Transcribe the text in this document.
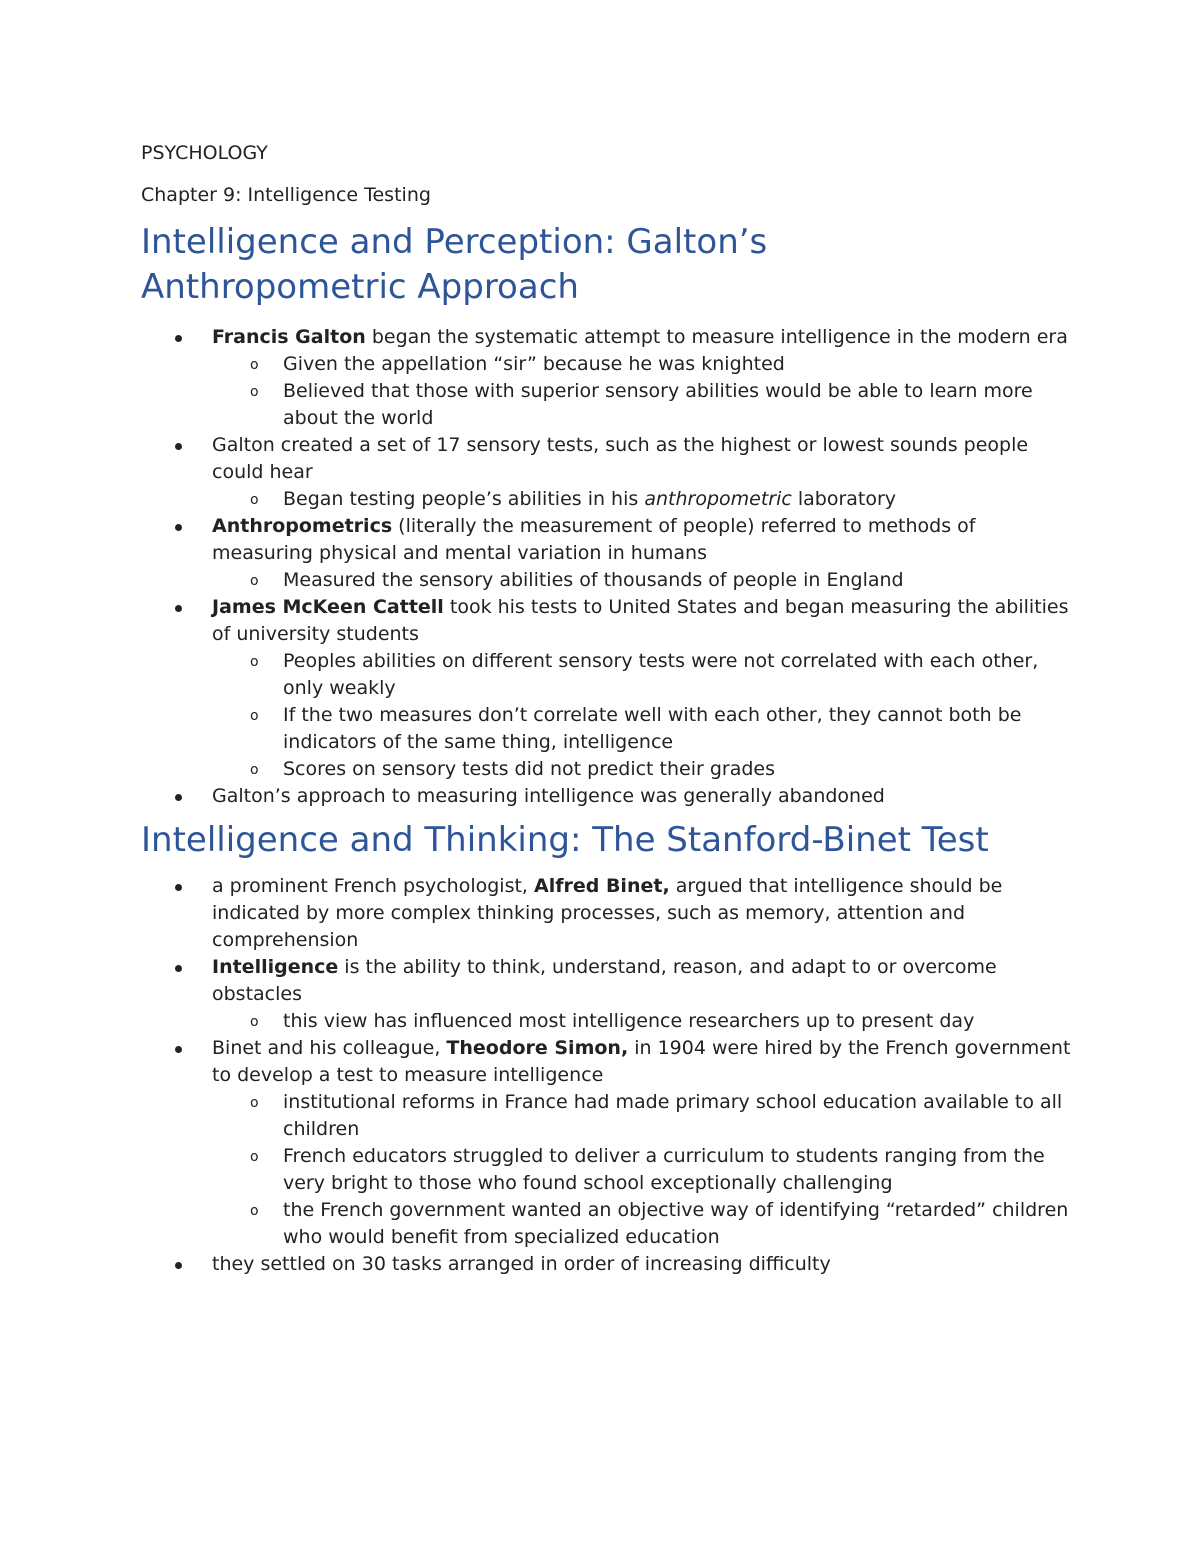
PSYCHOLOGY
Chapter 9: Intelligence Testing
Intelligence and Perception: Galton’s
Anthropometric Approach
Francis Galton began the systematic attempt to measure intelligence in the modern era
o Given the appellation “sir” because he was knighted
o Believed that those with superior sensory abilities would be able to learn more about the world
Galton created a set of 17 sensory tests, such as the highest or lowest sounds people could hear
o Began testing people’s abilities in his anthropometric laboratory
Anthropometrics (literally the measurement of people) referred to methods of measuring physical and mental variation in humans
o Measured the sensory abilities of thousands of people in England
James McKeen Cattell took his tests to United States and began measuring the abilities of university students
o Peoples abilities on different sensory tests were not correlated with each other, only weakly
o If the two measures don’t correlate well with each other, they cannot both be indicators of the same thing, intelligence
o Scores on sensory tests did not predict their grades
Galton’s approach to measuring intelligence was generally abandoned
Intelligence and Thinking: The Stanford-Binet Test
a prominent French psychologist, Alfred Binet, argued that intelligence should be indicated by more complex thinking processes, such as memory, attention and comprehension
Intelligence is the ability to think, understand, reason, and adapt to or overcome obstacles
o this view has influenced most intelligence researchers up to present day
Binet and his colleague, Theodore Simon, in 1904 were hired by the French government to develop a test to measure intelligence
o institutional reforms in France had made primary school education available to all children
o French educators struggled to deliver a curriculum to students ranging from the very bright to those who found school exceptionally challenging
o the French government wanted an objective way of identifying “retarded” children who would benefit from specialized education
they settled on 30 tasks arranged in order of increasing difficulty
